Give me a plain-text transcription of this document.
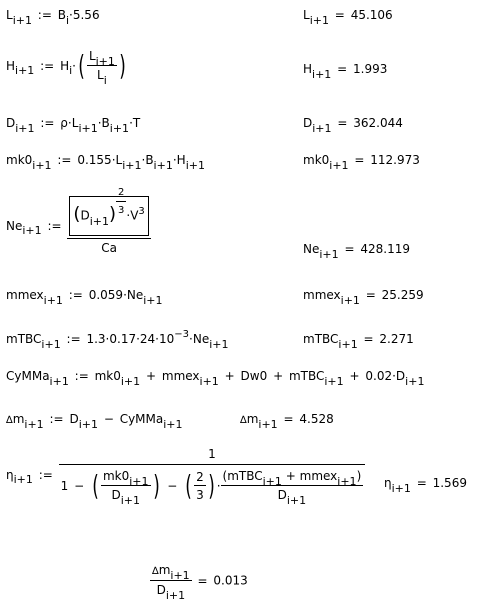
Li+1 := Bi·5.56	Li+1 = 45.106
Hi+1 := $Hi\cdot( \frac{Li+1}{Li}$ )	Hi+1 = 1.993
Di+1 := ρ·Li+1·Bi+1·T	Di+1 = 362.044
mk0i+1 := 0.155·Li+1·Bi+1·Hi+1	mk0i+1 = 112.973
Nei+1 := $\frac{(Di+1) \frac{2}{3} \cdot V^3}{Ca}$	Nei+1 = 428.119
mmexi+1 := 0.059·Nei+1	mmexi+1 = 25.259
mTBCi+1 := $1.3\cdot 0.17\cdot 24\cdot 10^{-3}\cdot Nei+1$	mTBCi+1 = 2.271
CyMMai+1 := mk0i+1 + mmexi+1 + Dw0 + mTBCi+1 + 0.02·Di+1
∆mi+1 := Di+1 − CyMMai+1	∆mi+1 = 4.528
ηi+1 :=
1
1 − ( $\frac{mk0i+1}{Di+1}$ ) − ( $\frac{2}{3}$ ) · $\frac{\text{(mTBCi+1 + mmexi+1)}}{Di+1} \eta i+1 = 1.569$
$\frac{\Delta mi+1}{Di+1} = 0.013$
